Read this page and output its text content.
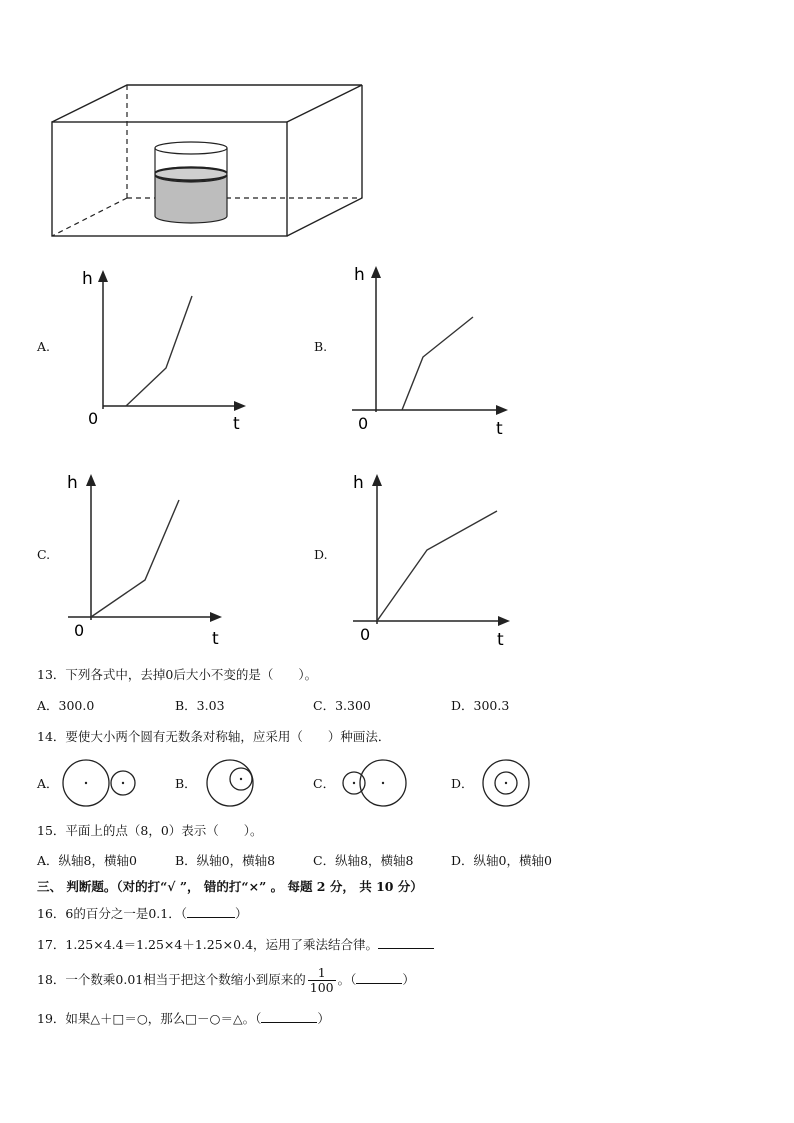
A.
h
0	t
B.
h
0	t
C.
h
0	t
D.
h
0	t
13．下列各式中，去掉0后大小不变的是（　　）。
A．300.0	B．3.03	C．3.300	D．300.3
14．要使大小两个圆有无数条对称轴，应采用（　　）种画法．
A．	B．	C．	D．
15．平面上的点（8，0）表示（　　）。
A．纵轴8，横轴0	B．纵轴0，横轴8	C．纵轴8，横轴8	D．纵轴0，横轴0
三、 判断题。（对的打“√ ”， 错的打“×” 。 每题 2 分， 共 10 分）
16．6的百分之一是0.1．（	）
17．1.25×4.4＝1.25×4＋1.25×0.4，运用了乘法结合律。
18．一个数乘0.01相当于把这个数缩小到原来的 $\frac{1}{100}$ 。（	）
19．如果△＋□＝○，那么□－○＝△。（	）
